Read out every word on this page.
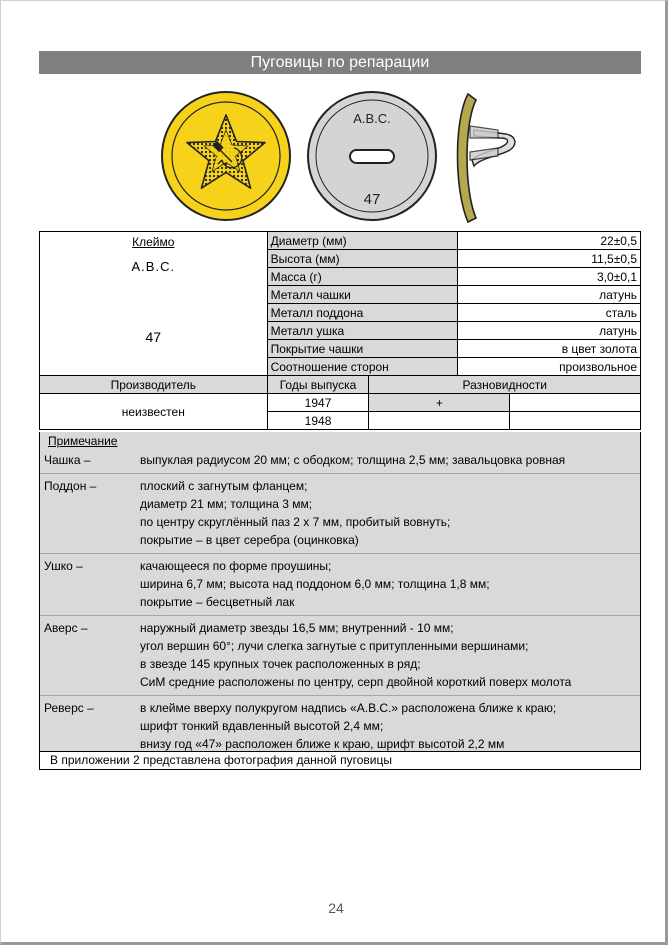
Пуговицы по репарации
A.B.C.
47
Клеймо
A.B.C.
47	Диаметр (мм)		22±0,5	
	Высота (мм)		11,5±0,5	
	Масса (г)		3,0±0,1	
	Металл чашки		латунь	
	Металл поддона		сталь	
	Металл ушка		латунь	
	Покрытие чашки		в цвет золота	
	Соотношение сторон		произвольное	
Производитель	Годы выпуска	Разновидности		
неизвестен	1947	+		
	1948			
Примечание
Чашка –	выпуклая радиусом 20 мм; с ободком; толщина 2,5 мм; завальцовка ровная
Поддон –	плоский с загнутым фланцем;
диаметр 21 мм; толщина 3 мм;
по центру скруглённый паз 2 х 7 мм, пробитый вовнуть;
покрытие – в цвет серебра (оцинковка)
Ушко –	качающееся по форме проушины;
ширина 6,7 мм; высота над поддоном 6,0 мм; толщина 1,8 мм;
покрытие – бесцветный лак
Аверс –	наружный диаметр звезды 16,5 мм; внутренний - 10 мм;
угол вершин 60°; лучи слегка загнутые с притупленными вершинами;
в звезде 145 крупных точек расположенных в ряд;
СиМ средние расположены по центру, серп двойной короткий поверх молота
Реверс –	в клейме вверху полукругом надпись «A.B.C.» расположена ближе к краю;
шрифт тонкий вдавленный высотой 2,4 мм;
внизу год «47» расположен ближе к краю, шрифт высотой 2,2 мм
В приложении 2 представлена фотография данной пуговицы
24
